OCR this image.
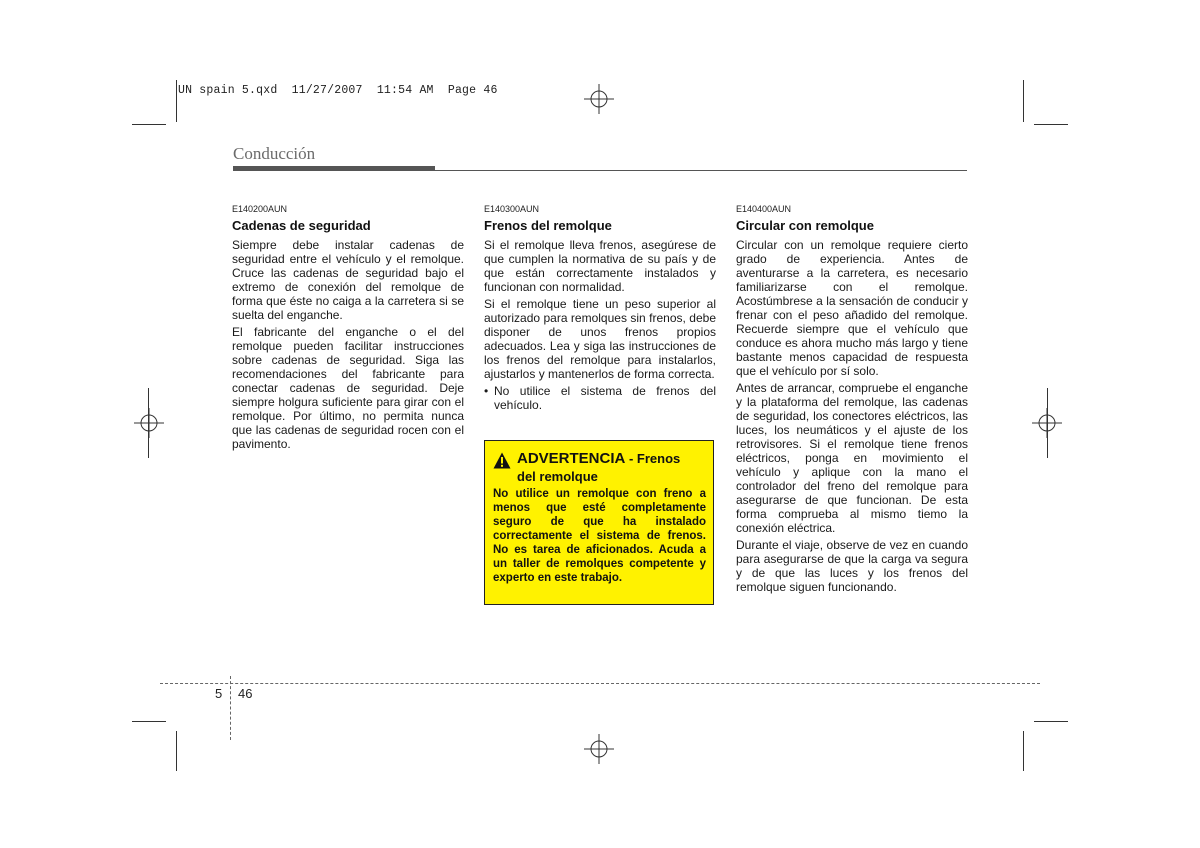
UN spain 5.qxd  11/27/2007  11:54 AM  Page 46
Conducción
E140200AUN
Cadenas de seguridad

Siempre debe instalar cadenas de seguridad entre el vehículo y el remolque. Cruce las cadenas de seguridad bajo el extremo de conexión del remolque de forma que éste no caiga a la carretera si se suelta del enganche.

El fabricante del enganche o el del remolque pueden facilitar instrucciones sobre cadenas de seguridad. Siga las recomendaciones del fabricante para conectar cadenas de seguridad. Deje siempre holgura suficiente para girar con el remolque. Por último, no permita nunca que las cadenas de seguridad rocen con el pavimento.

E140300AUN
Frenos del remolque

Si el remolque lleva frenos, asegúrese de que cumplen la normativa de su país y de que están correctamente instalados y funcionan con normalidad.

Si el remolque tiene un peso superior al autorizado para remolques sin frenos, debe disponer de unos frenos propios adecuados. Lea y siga las instrucciones de los frenos del remolque para instalarlos, ajustarlos y mantenerlos de forma correcta.

• No utilice el sistema de frenos del vehículo.
ADVERTENCIA - Frenos
del remolque
No utilice un remolque con freno a menos que esté completamente seguro de que ha instalado correctamente el sistema de frenos. No es tarea de aficionados. Acuda a un taller de remolques competente y experto en este trabajo.
E140400AUN
Circular con remolque

Circular con un remolque requiere cierto grado de experiencia. Antes de aventurarse a la carretera, es necesario familiarizarse con el remolque. Acostúmbrese a la sensación de conducir y frenar con el peso añadido del remolque. Recuerde siempre que el vehículo que conduce es ahora mucho más largo y tiene bastante menos capacidad de respuesta que el vehículo por sí solo.

Antes de arrancar, compruebe el enganche y la plataforma del remolque, las cadenas de seguridad, los conectores eléctricos, las luces, los neumáticos y el ajuste de los retrovisores. Si el remolque tiene frenos eléctricos, ponga en movimiento el vehículo y aplique con la mano el controlador del freno del remolque para asegurarse de que funcionan. De esta forma comprueba al mismo tiemo la conexión eléctrica.

Durante el viaje, observe de vez en cuando para asegurarse de que la carga va segura y de que las luces y los frenos del remolque siguen funcionando.

5 46
